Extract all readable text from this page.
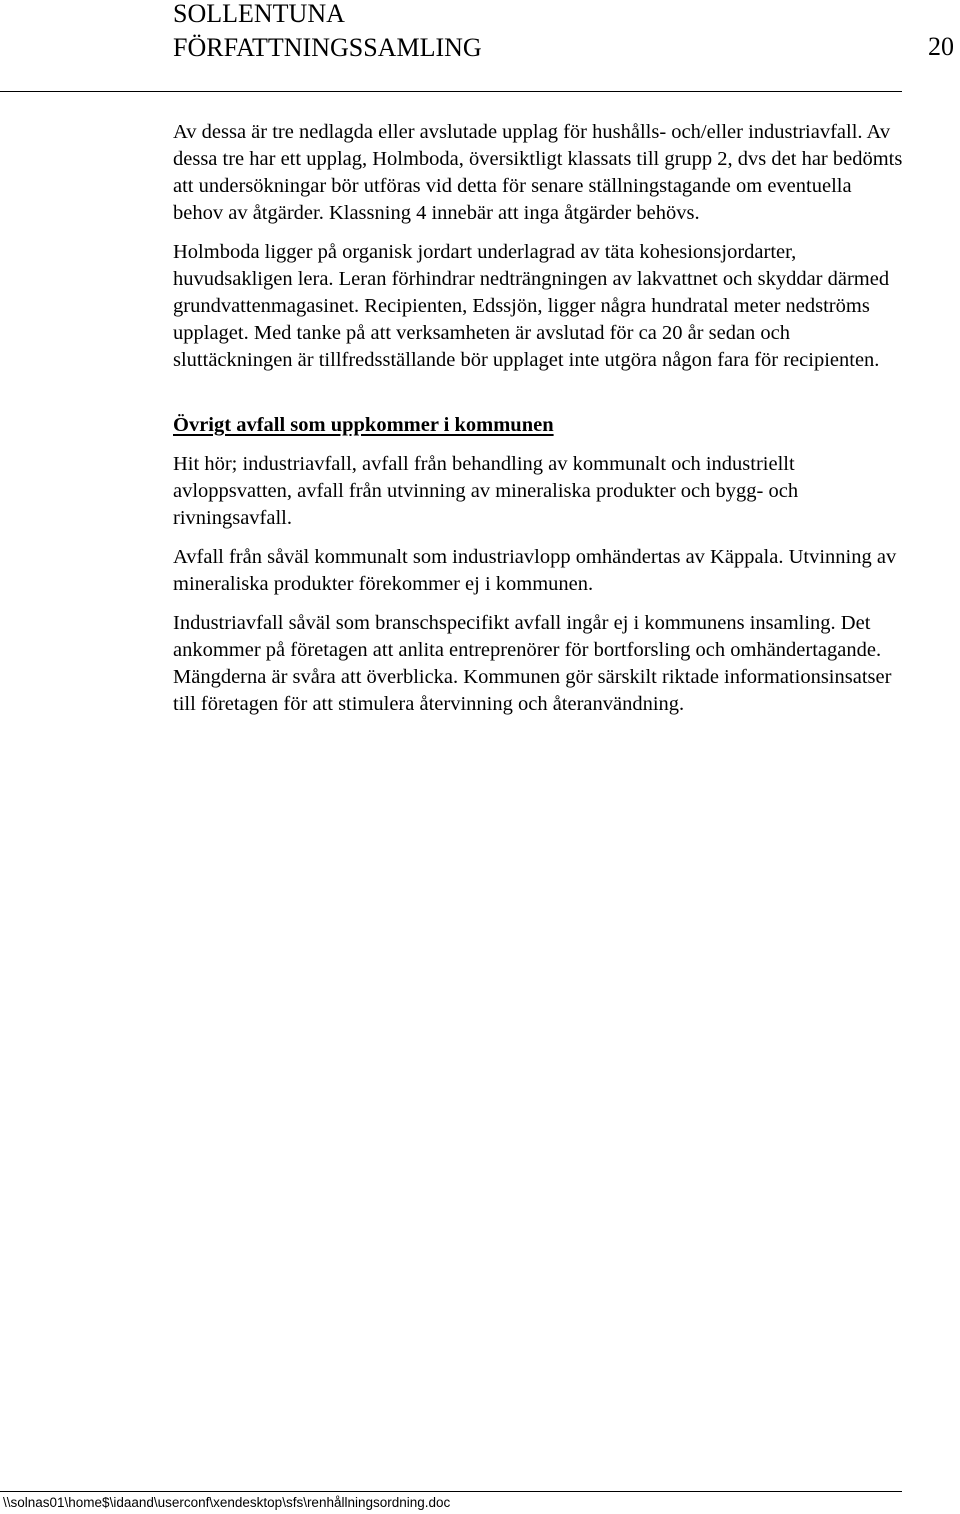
SOLLENTUNA
FÖRFATTNINGSSAMLING	20

Av dessa är tre nedlagda eller avslutade upplag för hushålls- och/eller industriavfall. Av dessa tre har ett upplag, Holmboda, översiktligt klassats till grupp 2, dvs det har bedömts att undersökningar bör utföras vid detta för senare ställningstagande om eventuella behov av åtgärder. Klassning 4 innebär att inga åtgärder behövs.

Holmboda ligger på organisk jordart underlagrad av täta kohesionsjordarter, huvudsakligen lera. Leran förhindrar nedträngningen av lakvattnet och skyddar därmed grundvattenmagasinet. Recipienten, Edssjön, ligger några hundratal meter nedströms upplaget. Med tanke på att verksamheten är avslutad för ca 20 år sedan och sluttäckningen är tillfredsställande bör upplaget inte utgöra någon fara för recipienten.

Övrigt avfall som uppkommer i kommunen

Hit hör; industriavfall, avfall från behandling av kommunalt och industriellt avloppsvatten, avfall från utvinning av mineraliska produkter och bygg- och rivningsavfall.

Avfall från såväl kommunalt som industriavlopp omhändertas av Käppala. Utvinning av mineraliska produkter förekommer ej i kommunen.

Industriavfall såväl som branschspecifikt avfall ingår ej i kommunens insamling. Det ankommer på företagen att anlita entreprenörer för bortforsling och omhändertagande. Mängderna är svåra att överblicka. Kommunen gör särskilt riktade informationsinsatser till företagen för att stimulera återvinning och återanvändning.

\\solnas01\home$\idaand\userconf\xendesktop\sfs\renhållningsordning.doc
